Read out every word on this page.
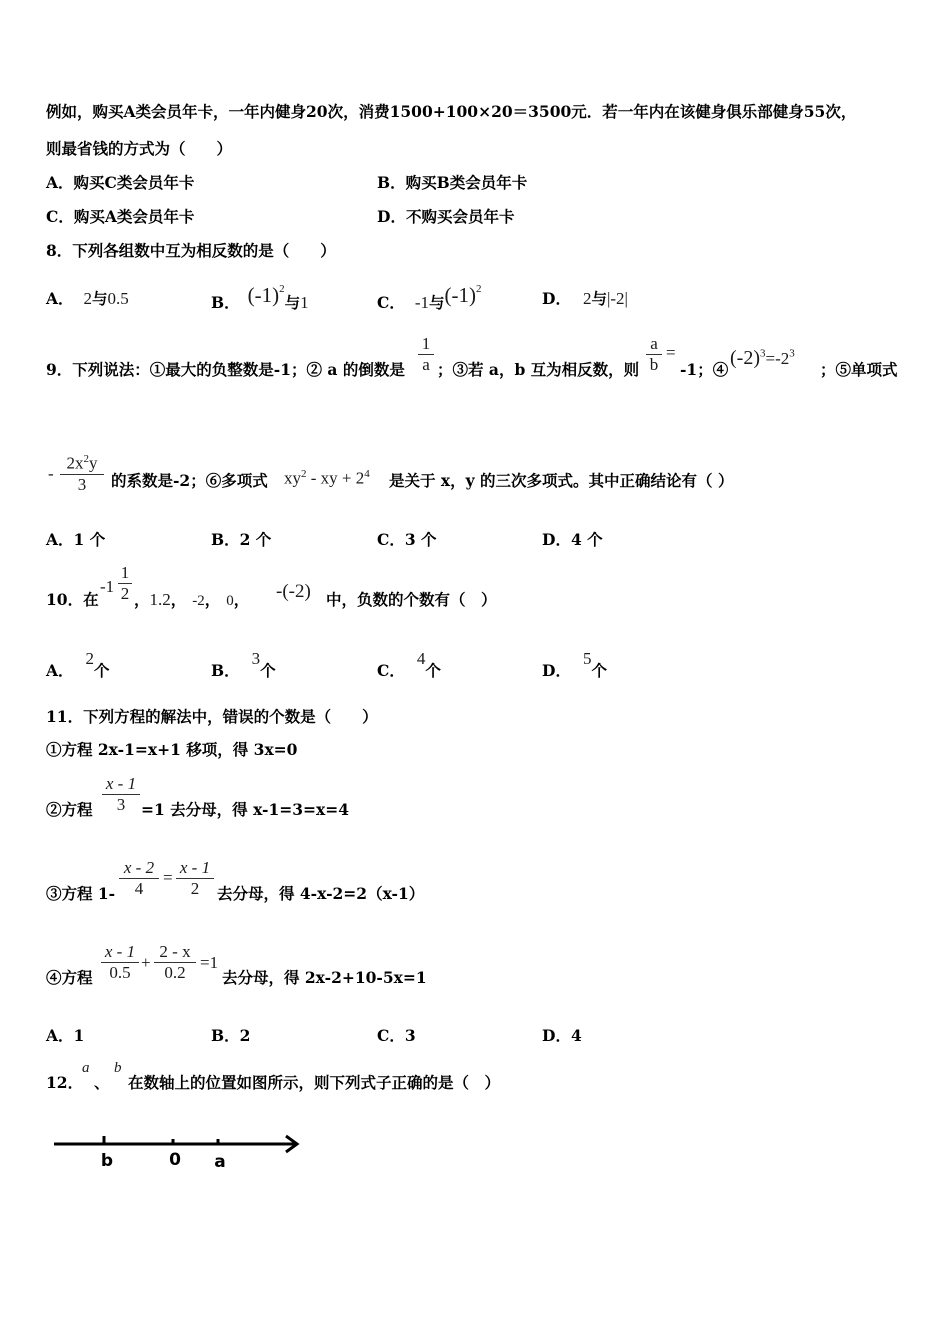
例如，购买A类会员年卡，一年内健身20次，消费1500+100×20＝3500元．若一年内在该健身俱乐部健身55次，
则最省钱的方式为（　　）
A．购买C类会员年卡	B．购买B类会员年卡
C．购买A类会员年卡	D．不购买会员年卡
8．下列各组数中互为相反数的是（　　）
A． 2与0.5	B． $(-1)^2$与1	C． -1与$(-1)^2$	D． 2与|-2|
9．下列说法：①最大的负整数是-1；② a 的倒数是
1
a ；③若 a，b 互为相反数，则
a
b
=
-1；④
$(-2)^3=-2^3$
；⑤单项式
-
$2x^2y$
3	的系数是-2；⑥多项式 $xy^2$ - xy + $2^4$ 是关于 x，y 的三次多项式。其中正确结论有（ ）
A．1 个	B．2 个	C．3 个	D．4 个
10．在
-1
1
2 ，1.2， -2， 0， -(-2) 中，负数的个数有（　）
A．2个	B．3个	C．4个	D．5个
11．下列方程的解法中，错误的个数是（　　）
①方程 2x-1=x+1 移项，得 3x=0
②方程
x - 1
3	=1 去分母，得 x-1=3=x=4
③方程 1-
x - 2
4
=
x - 1
2	去分母，得 4-x-2=2（x-1）
④方程
x - 1
0.5
+
2 - x
0.2
=1
去分母，得 2x-2+10-5x=1
A．1	B．2	C．3	D．4
12．
a
、
b
在数轴上的位置如图所示，则下列式子正确的是（　）
b	0 a
